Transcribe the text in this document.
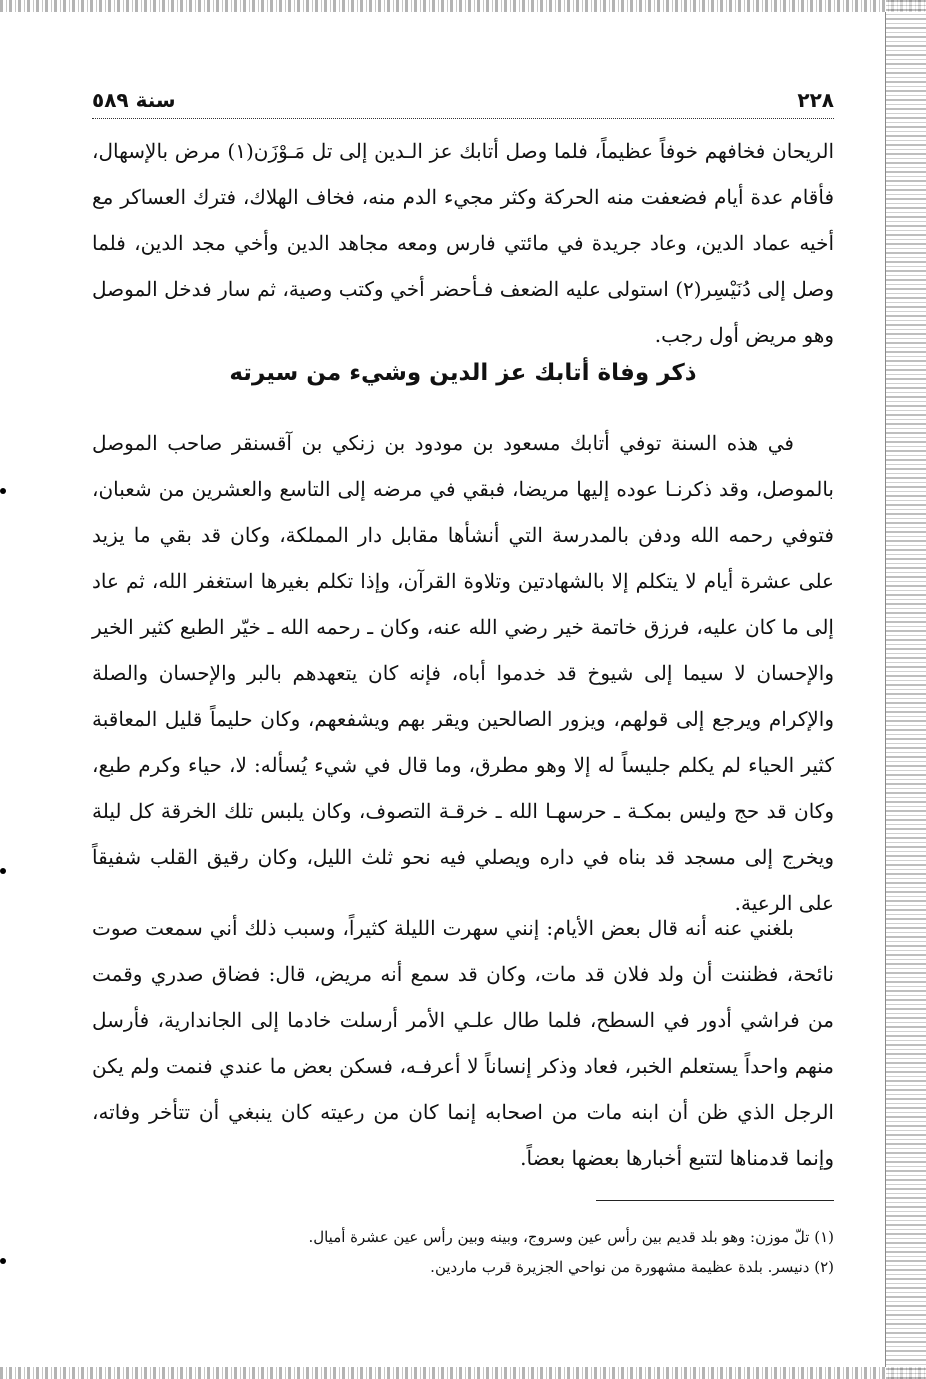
٢٢٨
سنة ٥٨٩

الريحان فخافهم خوفاً عظيماً، فلما وصل أتابك عز الـدين إلى تل مَـوْزَن(١) مرض بالإسهال، فأقام عدة أيام فضعفت منه الحركة وكثر مجيء الدم منه، فخاف الهلاك، فترك العساكر مع أخيه عماد الدين، وعاد جريدة في مائتي فارس ومعه مجاهد الدين وأخي مجد الدين، فلما وصل إلى دُنَيْسِر(٢) استولى عليه الضعف فـأحضر أخي وكتب وصية، ثم سار فدخل الموصل وهو مريض أول رجب.

ذكر وفاة أتابك عز الدين وشيء من سيرته

في هذه السنة توفي أتابك مسعود بن مودود بن زنكي بن آقسنقر صاحب الموصل بالموصل، وقد ذكرنـا عوده إليها مريضا، فبقي في مرضه إلى التاسع والعشرين من شعبان، فتوفي رحمه الله ودفن بالمدرسة التي أنشأها مقابل دار المملكة، وكان قد بقي ما يزيد على عشرة أيام لا يتكلم إلا بالشهادتين وتلاوة القرآن، وإذا تكلم بغيرها استغفر الله، ثم عاد إلى ما كان عليه، فرزق خاتمة خير رضي الله عنه، وكان ـ رحمه الله ـ خيّر الطبع كثير الخير والإحسان لا سيما إلى شيوخ قد خدموا أباه، فإنه كان يتعهدهم بالبر والإحسان والصلة والإكرام ويرجع إلى قولهم، ويزور الصالحين ويقر بهم ويشفعهم، وكان حليماً قليل المعاقبة كثير الحياء لم يكلم جليساً له إلا وهو مطرق، وما قال في شيء يُسأله: لا، حياء وكرم طبع، وكان قد حج وليس بمكـة ـ حرسهـا الله ـ خرقـة التصوف، وكان يلبس تلك الخرقة كل ليلة ويخرج إلى مسجد قد بناه في داره ويصلي فيه نحو ثلث الليل، وكان رقيق القلب شفيقاً على الرعية.

بلغني عنه أنه قال بعض الأيام: إنني سهرت الليلة كثيراً، وسبب ذلك أني سمعت صوت نائحة، فظننت أن ولد فلان قد مات، وكان قد سمع أنه مريض، قال: فضاق صدري وقمت من فراشي أدور في السطح، فلما طال علـي الأمر أرسلت خادما إلى الجاندارية، فأرسل منهم واحداً يستعلم الخبر، فعاد وذكر إنساناً لا أعرفـه، فسكن بعض ما عندي فنمت ولم يكن الرجل الذي ظن أن ابنه مات من اصحابه إنما كان من رعيته كان ينبغي أن تتأخر وفاته، وإنما قدمناها لتتبع أخبارها بعضها بعضاً.

(١) تلّ موزن: وهو بلد قديم بين رأس عين وسروج، وبينه وبين رأس عين عشرة أميال.
(٢) دنيسر. بلدة عظيمة مشهورة من نواحي الجزيرة قرب ماردين.
